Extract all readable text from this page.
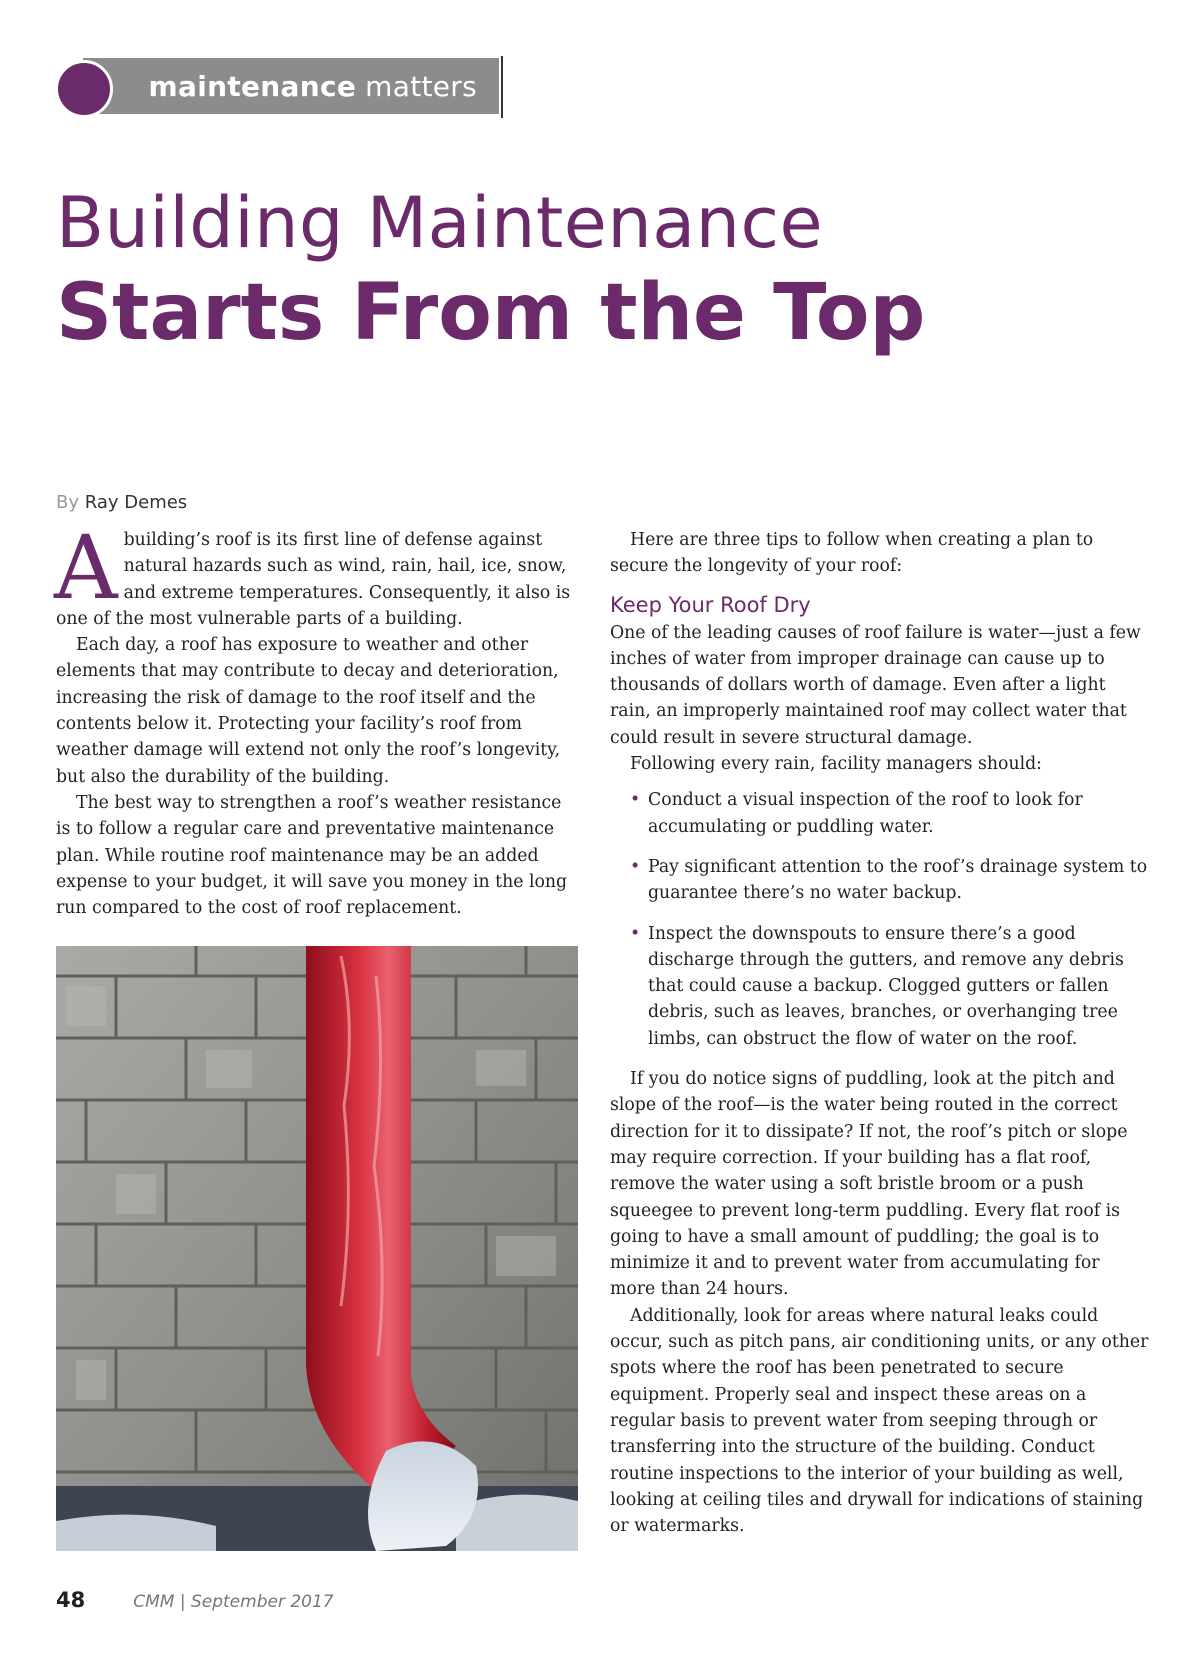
maintenance matters
Building Maintenance
Starts From the Top
By Ray Demes

Abuilding’s roof is its first line of defense against natural hazards such as wind, rain, hail, ice, snow, and extreme temperatures. Consequently, it also is one of the most vulnerable parts of a building.

Each day, a roof has exposure to weather and other elements that may contribute to decay and deterioration, increasing the risk of damage to the roof itself and the contents below it. Protecting your facility’s roof from weather damage will extend not only the roof’s longevity, but also the durability of the building.

The best way to strengthen a roof’s weather resistance is to follow a regular care and preventative maintenance plan. While routine roof maintenance may be an added expense to your budget, it will save you money in the long run compared to the cost of roof replacement.

Here are three tips to follow when creating a plan to secure the longevity of your roof:

Keep Your Roof Dry

One of the leading causes of roof failure is water—just a few inches of water from improper drainage can cause up to thousands of dollars worth of damage. Even after a light rain, an improperly maintained roof may collect water that could result in severe structural damage.

Following every rain, facility managers should:

• Conduct a visual inspection of the roof to look for accumulating or puddling water.
• Pay significant attention to the roof’s drainage system to guarantee there’s no water backup.
• Inspect the downspouts to ensure there’s a good discharge through the gutters, and remove any debris that could cause a backup. Clogged gutters or fallen debris, such as leaves, branches, or overhanging tree limbs, can obstruct the flow of water on the roof.

If you do notice signs of puddling, look at the pitch and slope of the roof—is the water being routed in the correct direction for it to dissipate? If not, the roof’s pitch or slope may require correction. If your building has a flat roof, remove the water using a soft bristle broom or a push squeegee to prevent long-term puddling. Every flat roof is going to have a small amount of puddling; the goal is to minimize it and to prevent water from accumulating for more than 24 hours.

Additionally, look for areas where natural leaks could occur, such as pitch pans, air conditioning units, or any other spots where the roof has been penetrated to secure equipment. Properly seal and inspect these areas on a regular basis to prevent water from seeping through or transferring into the structure of the building. Conduct routine inspections to the interior of your building as well, looking at ceiling tiles and drywall for indications of staining or watermarks.

48	CMM | September 2017
